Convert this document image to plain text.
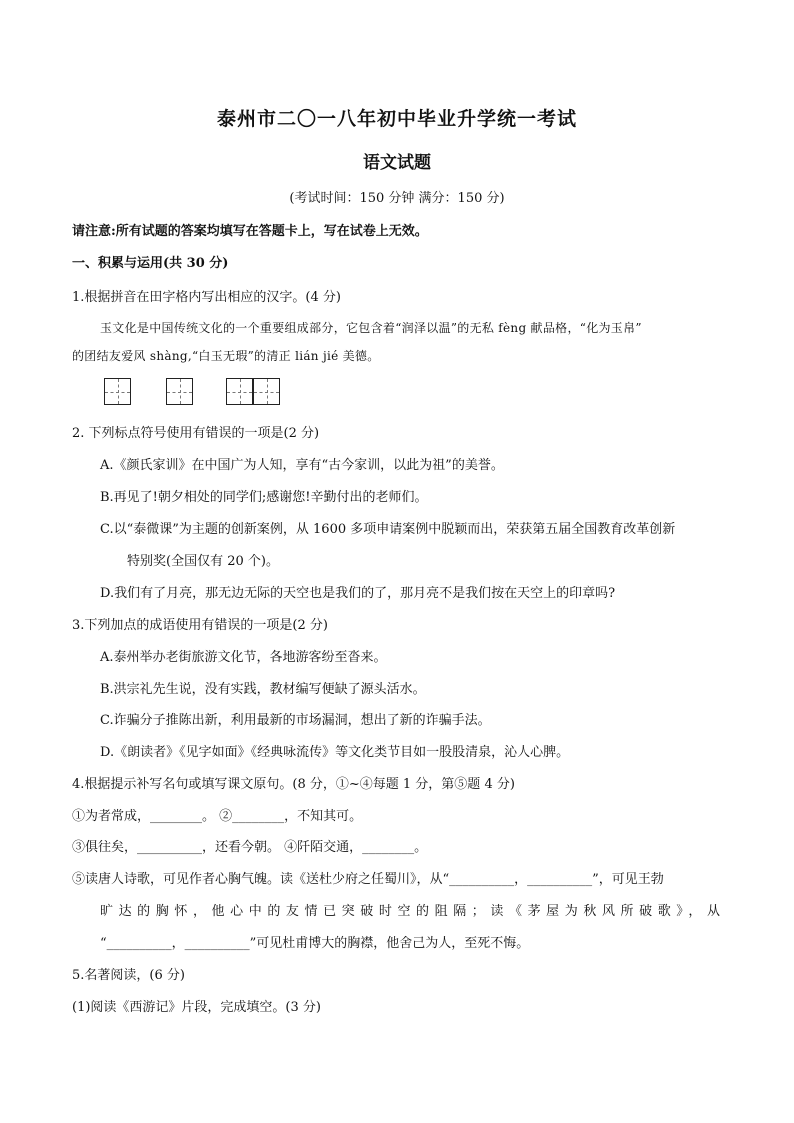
泰州市二〇一八年初中毕业升学统一考试
语文试题
(考试时间：150 分钟 满分：150 分)
请注意:所有试题的答案均填写在答题卡上，写在试卷上无效。
一、积累与运用(共 30 分)
1.根据拼音在田字格内写出相应的汉字。(4 分)
玉文化是中国传统文化的一个重要组成部分，它包含着“润泽以温”的无私 fèng 献品格，“化为玉帛”
的团结友爱风 shàng,“白玉无瑕”的清正 lián jié 美德。
2. 下列标点符号使用有错误的一项是(2 分)
A.《颜氏家训》在中国广为人知，享有“古今家训，以此为祖”的美誉。
B.再见了!朝夕相处的同学们;感谢您!辛勤付出的老师们。
C.以“泰微课”为主题的创新案例，从 1600 多项申请案例中脱颖而出，荣获第五届全国教育改革创新
特别奖(全国仅有 20 个)。
D.我们有了月亮，那无边无际的天空也是我们的了，那月亮不是我们按在天空上的印章吗?
3.下列加点的成语使用有错误的一项是(2 分)
A.泰州举办老街旅游文化节，各地游客纷至沓来。
B.洪宗礼先生说，没有实践，教材编写便缺了源头活水。
C.诈骗分子推陈出新，利用最新的市场漏洞，想出了新的诈骗手法。
D.《朗读者》《见字如面》《经典咏流传》等文化类节目如一股股清泉，沁人心脾。
4.根据提示补写名句或填写课文原句。(8 分，①~④每题 1 分，第⑤题 4 分)
①为者常成，________。 ②________，不知其可。
③俱往矣，__________，还看今朝。 ④阡陌交通，________。
⑤读唐人诗歌，可见作者心胸气魄。读《送杜少府之任蜀川》，从“__________，__________”，可见王勃
旷达的胸怀，他心中的友情已突破时空的阻隔；读《茅屋为秋风所破歌》，从
“__________，__________”可见杜甫博大的胸襟，他舍己为人，至死不悔。
5.名著阅读，(6 分)
(1)阅读《西游记》片段，完成填空。(3 分)
